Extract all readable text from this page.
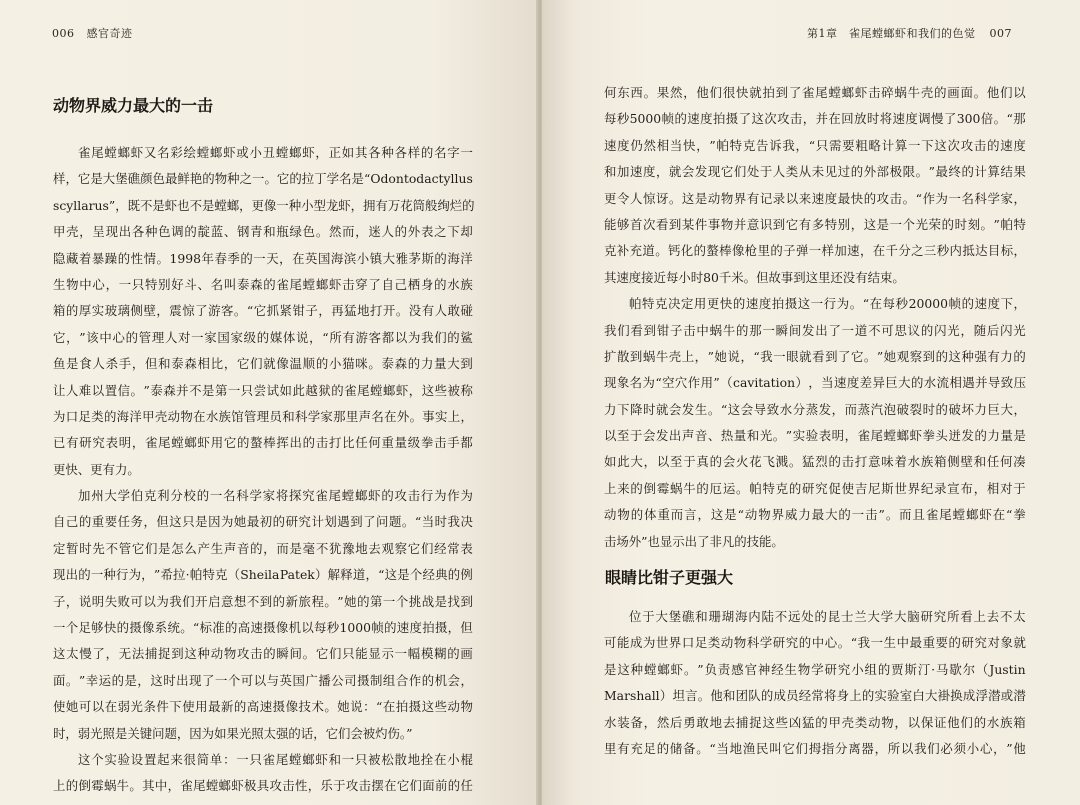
006 感官奇迹
动物界威力最大的一击
雀 尾 螳 螂 虾 又 名 彩 绘 螳 螂 虾 或 小 丑 螳 螂 虾 ， 正 如 其 各 种 各 样 的 名 字 一
样 ， 它 是 大 堡 礁 颜 色 最 鲜 艳 的 物 种 之 一 。 它 的 拉 丁 学 名 是 “ Odontodactyllus
scyllarus ” ， 既 不 是 虾 也 不 是 螳 螂 ， 更 像 一 种 小 型 龙 虾 ， 拥 有 万 花 筒 般 绚 烂 的
甲 壳 ， 呈 现 出 各 种 色 调 的 靛 蓝 、 钢 青 和 瓶 绿 色 。 然 而 ， 迷 人 的 外 表 之 下 却
隐 藏 着 暴 躁 的 性 情 。 1998 年 春 季 的 一 天 ， 在 英 国 海 滨 小 镇 大 雅 茅 斯 的 海 洋
生 物 中 心 ， 一 只 特 别 好 斗 、 名 叫 泰 森 的 雀 尾 螳 螂 虾 击 穿 了 自 己 栖 身 的 水 族
箱 的 厚 实 玻 璃 侧 壁 ， 震 惊 了 游 客 。 “ 它 抓 紧 钳 子 ， 再 猛 地 打 开 。 没 有 人 敢 碰
它 ， ” 该 中 心 的 管 理 人 对 一 家 国 家 级 的 媒 体 说 ， “ 所 有 游 客 都 以 为 我 们 的 鲨
鱼 是 食 人 杀 手 ， 但 和 泰 森 相 比 ， 它 们 就 像 温 顺 的 小 猫 咪 。 泰 森 的 力 量 大 到
让 人 难 以 置 信 。 ” 泰 森 并 不 是 第 一 只 尝 试 如 此 越 狱 的 雀 尾 螳 螂 虾 ， 这 些 被 称
为 口 足 类 的 海 洋 甲 壳 动 物 在 水 族 馆 管 理 员 和 科 学 家 那 里 声 名 在 外 。 事 实 上 ，
已 有 研 究 表 明 ， 雀 尾 螳 螂 虾 用 它 的 螯 棒 挥 出 的 击 打 比 任 何 重 量 级 拳 击 手 都
更快、更有力。
加 州 大 学 伯 克 利 分 校 的 一 名 科 学 家 将 探 究 雀 尾 螳 螂 虾 的 攻 击 行 为 作 为
自 己 的 重 要 任 务 ， 但 这 只 是 因 为 她 最 初 的 研 究 计 划 遇 到 了 问 题 。 “ 当 时 我 决
定 暂 时 先 不 管 它 们 是 怎 么 产 生 声 音 的 ， 而 是 毫 不 犹 豫 地 去 观 察 它 们 经 常 表
现 出 的 一 种 行 为 ， ” 希 拉 · 帕 特 克 （ Sheila Patek ） 解 释 道 ， “ 这 是 个 经 典 的 例
子 ， 说 明 失 败 可 以 为 我 们 开 启 意 想 不 到 的 新 旅 程 。 ” 她 的 第 一 个 挑 战 是 找 到
一 个 足 够 快 的 摄 像 系 统 。 “ 标 准 的 高 速 摄 像 机 以 每 秒 1000 帧 的 速 度 拍 摄 ， 但
这 太 慢 了 ， 无 法 捕 捉 到 这 种 动 物 攻 击 的 瞬 间 。 它 们 只 能 显 示 一 幅 模 糊 的 画
面 。 ” 幸 运 的 是 ， 这 时 出 现 了 一 个 可 以 与 英 国 广 播 公 司 摄 制 组 合 作 的 机 会 ，
使 她 可 以 在 弱 光 条 件 下 使 用 最 新 的 高 速 摄 像 技 术 。 她 说 ： “ 在 拍 摄 这 些 动 物
时，弱光照是关键问题，因为如果光照太强的话，它们会被灼伤。”
这 个 实 验 设 置 起 来 很 简 单 ： 一 只 雀 尾 螳 螂 虾 和 一 只 被 松 散 地 拴 在 小 棍
上 的 倒 霉 蜗 牛 。 其 中 ， 雀 尾 螳 螂 虾 极 具 攻 击 性 ， 乐 于 攻 击 摆 在 它 们 面 前 的 任
第1章　雀尾螳螂虾和我们的色觉 007
何 东 西 。 果 然 ， 他 们 很 快 就 拍 到 了 雀 尾 螳 螂 虾 击 碎 蜗 牛 壳 的 画 面 。 他 们 以
每 秒 5000 帧 的 速 度 拍 摄 了 这 次 攻 击 ， 并 在 回 放 时 将 速 度 调 慢 了 300 倍 。 “ 那
速 度 仍 然 相 当 快 ， ” 帕 特 克 告 诉 我 ， “ 只 需 要 粗 略 计 算 一 下 这 次 攻 击 的 速 度
和 加 速 度 ， 就 会 发 现 它 们 处 于 人 类 从 未 见 过 的 外 部 极 限 。 ” 最 终 的 计 算 结 果
更 令 人 惊 讶 。 这 是 动 物 界 有 记 录 以 来 速 度 最 快 的 攻 击 。 “ 作 为 一 名 科 学 家 ，
能 够 首 次 看 到 某 件 事 物 并 意 识 到 它 有 多 特 别 ， 这 是 一 个 光 荣 的 时 刻 。 ” 帕 特
克 补 充 道 。 钙 化 的 螯 棒 像 枪 里 的 子 弹 一 样 加 速 ， 在 千 分 之 三 秒 内 抵 达 目 标 ，
其速度接近每小时80千米。但故事到这里还没有结束。
帕 特 克 决 定 用 更 快 的 速 度 拍 摄 这 一 行 为 。 “ 在 每 秒 20000 帧 的 速 度 下 ，
我 们 看 到 钳 子 击 中 蜗 牛 的 那 一 瞬 间 发 出 了 一 道 不 可 思 议 的 闪 光 ， 随 后 闪 光
扩 散 到 蜗 牛 壳 上 ， ” 她 说 ， “ 我 一 眼 就 看 到 了 它 。 ” 她 观 察 到 的 这 种 强 有 力 的
现 象 名 为 “ 空 穴 作 用 ” （ cavitation ） ， 当 速 度 差 异 巨 大 的 水 流 相 遇 并 导 致 压
力 下 降 时 就 会 发 生 。 “ 这 会 导 致 水 分 蒸 发 ， 而 蒸 汽 泡 破 裂 时 的 破 坏 力 巨 大 ，
以 至 于 会 发 出 声 音 、 热 量 和 光 。 ” 实 验 表 明 ， 雀 尾 螳 螂 虾 拳 头 迸 发 的 力 量 是
如 此 大 ， 以 至 于 真 的 会 火 花 飞 溅 。 猛 烈 的 击 打 意 味 着 水 族 箱 侧 壁 和 任 何 凑
上 来 的 倒 霉 蜗 牛 的 厄 运 。 帕 特 克 的 研 究 促 使 吉 尼 斯 世 界 纪 录 宣 布 ， 相 对 于
动 物 的 体 重 而 言 ， 这 是 “ 动 物 界 威 力 最 大 的 一 击 ” 。 而 且 雀 尾 螳 螂 虾 在 “ 拳
击场外”也显示出了非凡的技能。
眼睛比钳子更强大
位 于 大 堡 礁 和 珊 瑚 海 内 陆 不 远 处 的 昆 士 兰 大 学 大 脑 研 究 所 看 上 去 不 太
可 能 成 为 世 界 口 足 类 动 物 科 学 研 究 的 中 心 。 “ 我 一 生 中 最 重 要 的 研 究 对 象 就
是 这 种 螳 螂 虾 。 ” 负 责 感 官 神 经 生 物 学 研 究 小 组 的 贾 斯 汀 · 马 歇 尔 （ Justin
Marshall ） 坦 言 。 他 和 团 队 的 成 员 经 常 将 身 上 的 实 验 室 白 大 褂 换 成 浮 潜 或 潜
水 装 备 ， 然 后 勇 敢 地 去 捕 捉 这 些 凶 猛 的 甲 壳 类 动 物 ， 以 保 证 他 们 的 水 族 箱
里 有 充 足 的 储 备 。 “ 当 地 渔 民 叫 它 们 拇 指 分 离 器 ， 所 以 我 们 必 须 小 心 ， ” 他
